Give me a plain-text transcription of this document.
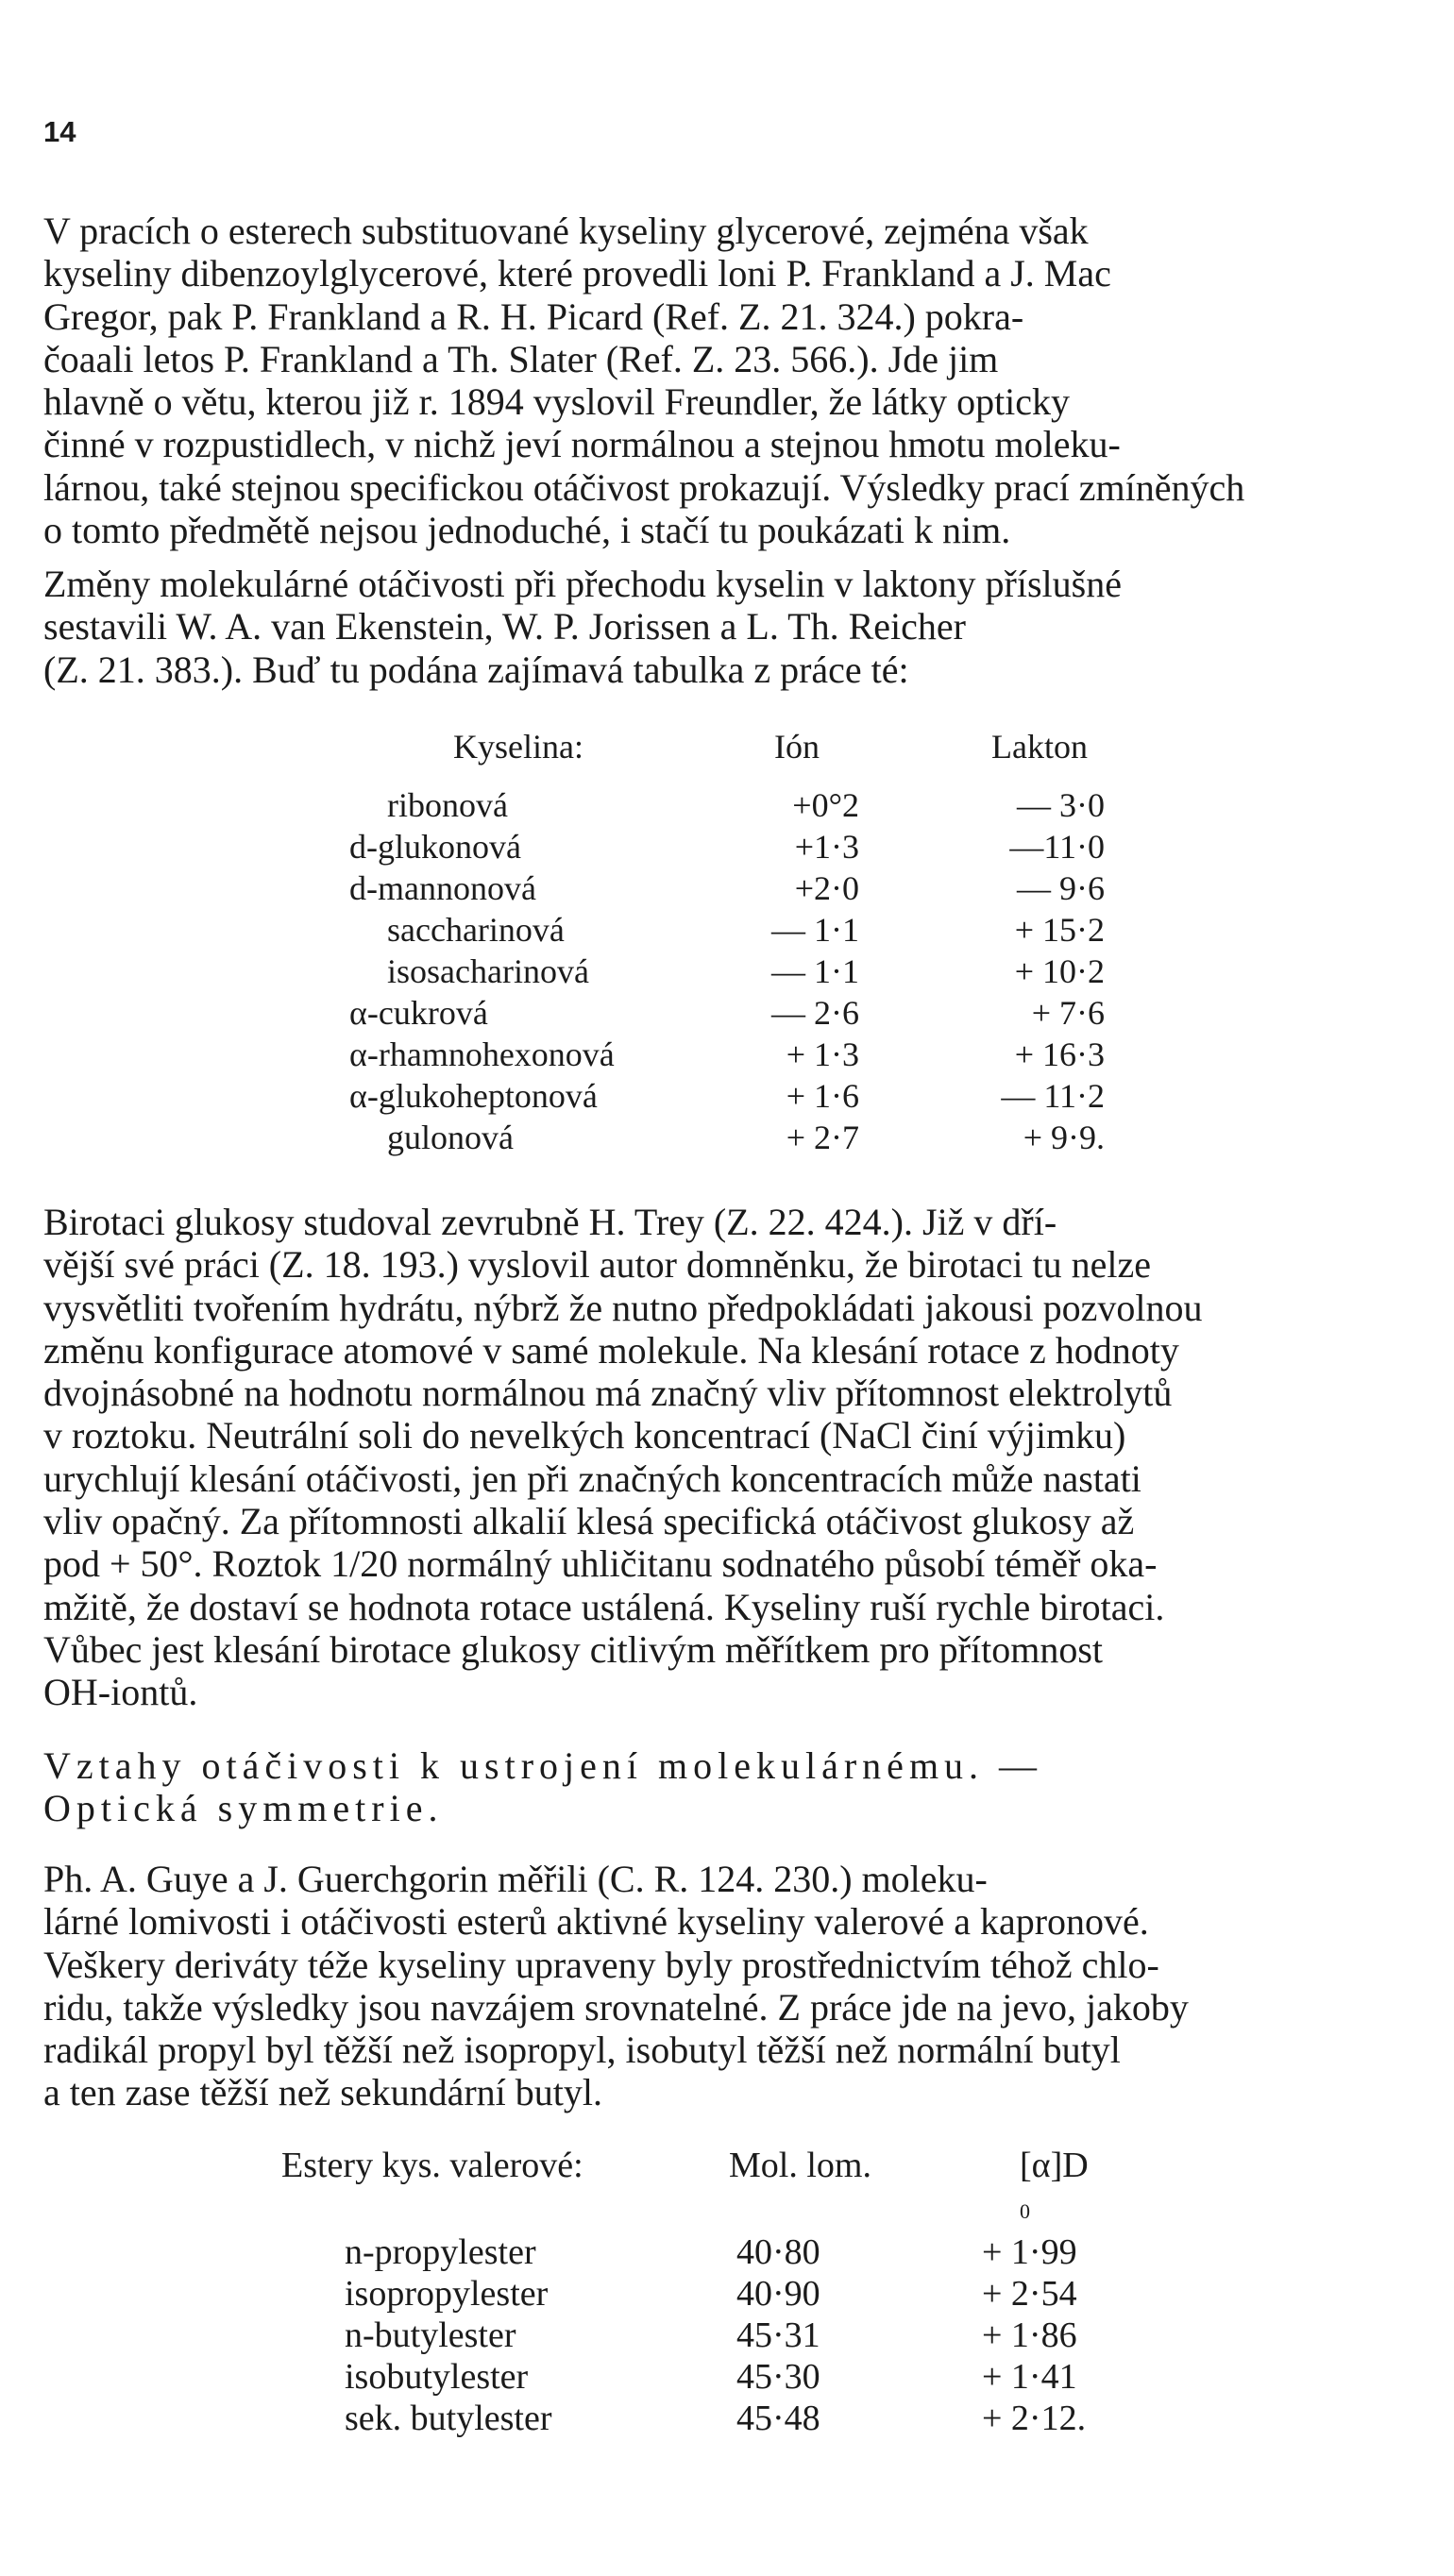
14
V pracích o esterech substituované kyseliny glycerové, zejména však
kyseliny dibenzoylglycerové, které provedli loni P. Frankland a J. Mac
Gregor, pak P. Frankland a R. H. Picard (Ref. Z. 21. 324.) pokra-
čoaali letos P. Frankland a Th. Slater (Ref. Z. 23. 566.). Jde jim
hlavně o větu, kterou již r. 1894 vyslovil Freundler, že látky opticky
činné v rozpustidlech, v nichž jeví normálnou a stejnou hmotu moleku-
lárnou, také stejnou specifickou otáčivost prokazují. Výsledky prací zmíněných
o tomto předmětě nejsou jednoduché, i stačí tu poukázati k nim.
Změny molekulárné otáčivosti při přechodu kyselin v laktony příslušné
sestavili W. A. van Ekenstein, W. P. Jorissen a L. Th. Reicher
(Z. 21. 383.). Buď tu podána zajímavá tabulka z práce té:
Kyselina:	Ión	Lakton
ribonová	+0°2	— 3·0
d-glukonová	+1·3	—11·0
d-mannonová	+2·0	— 9·6
saccharinová	— 1·1	+ 15·2
isosacharinová	— 1·1	+ 10·2
α-cukrová	— 2·6	+ 7·6
α-rhamnohexonová	+ 1·3	+ 16·3
α-glukoheptonová	+ 1·6	— 11·2
gulonová	+ 2·7	+ 9·9.
Birotaci glukosy studoval zevrubně H. Trey (Z. 22. 424.). Již v dří-
vější své práci (Z. 18. 193.) vyslovil autor domněnku, že birotaci tu nelze
vysvětliti tvořením hydrátu, nýbrž že nutno předpokládati jakousi pozvolnou
změnu konfigurace atomové v samé molekule. Na klesání rotace z hodnoty
dvojnásobné na hodnotu normálnou má značný vliv přítomnost elektrolytů
v roztoku. Neutrální soli do nevelkých koncentrací (NaCl činí výjimku)
urychlují klesání otáčivosti, jen při značných koncentracích může nastati
vliv opačný. Za přítomnosti alkalií klesá specifická otáčivost glukosy až
pod + 50°. Roztok 1/20 normálný uhličitanu sodnatého působí téměř oka-
mžitě, že dostaví se hodnota rotace ustálená. Kyseliny ruší rychle birotaci.
Vůbec jest klesání birotace glukosy citlivým měřítkem pro přítomnost
OH-iontů.
Vztahy otáčivosti k ustrojení molekulárnému. —
Optická symmetrie.
Ph. A. Guye a J. Guerchgorin měřili (C. R. 124. 230.) moleku-
lárné lomivosti i otáčivosti esterů aktivné kyseliny valerové a kapronové.
Veškery deriváty téže kyseliny upraveny byly prostřednictvím téhož chlo-
ridu, takže výsledky jsou navzájem srovnatelné. Z práce jde na jevo, jakoby
radikál propyl byl těžší než isopropyl, isobutyl těžší než normální butyl
a ten zase těžší než sekundární butyl.
Estery kys. valerové:	Mol. lom.	[α]D
0
n-propylester	40·80	+ 1·99
isopropylester	40·90	+ 2·54
n-butylester	45·31	+ 1·86
isobutylester	45·30	+ 1·41
sek. butylester	45·48	+ 2·12.
